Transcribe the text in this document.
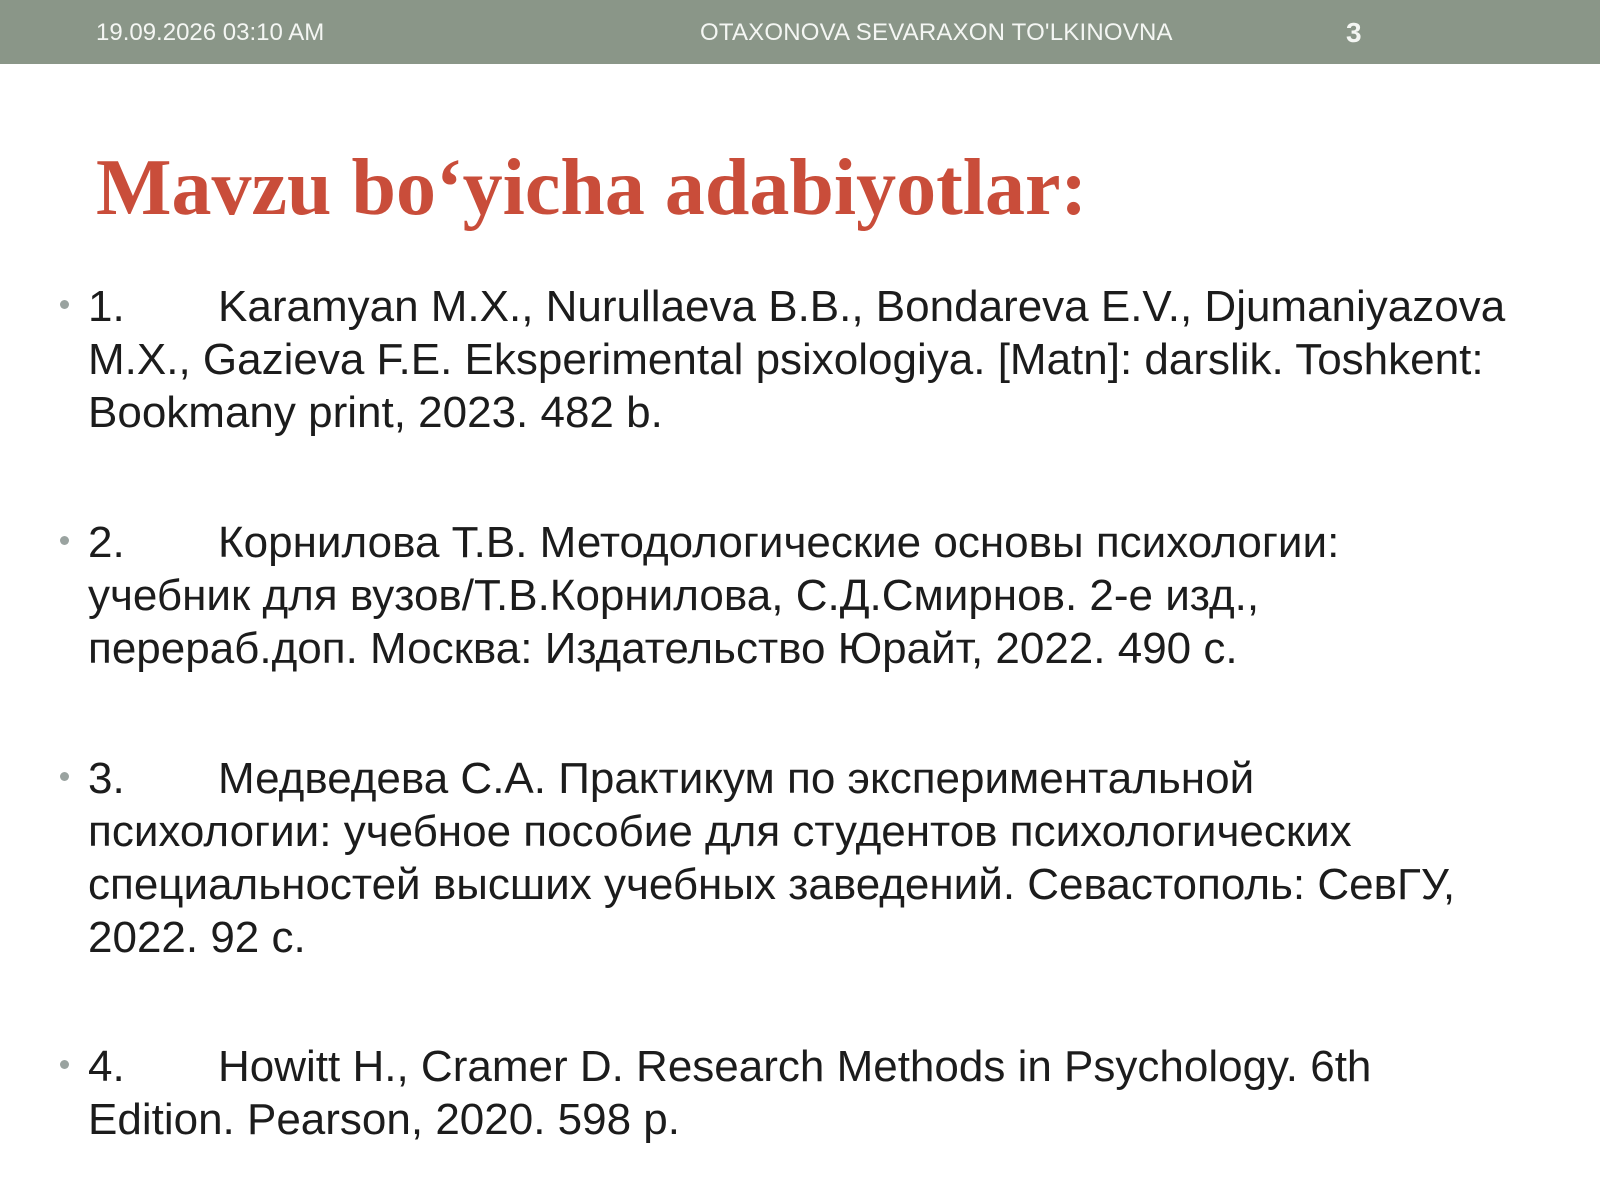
19.09.2026 03:10 AM	OTAXONOVA SEVARAXON TO'LKINOVNA	3
Mavzu bo‘yicha adabiyotlar:
1. Karamyan M.X., Nurullaeva B.B., Bondareva E.V., Djumaniyazova M.X., Gazieva F.E. Eksperimental psixologiya. [Matn]: darslik. Toshkent: Bookmany print, 2023. 482 b.
2. Корнилова Т.В. Методологические основы психологии: учебник для вузов/Т.В.Корнилова, С.Д.Смирнов. 2-е изд., перераб.доп. Москва: Издательство Юрайт, 2022. 490 с.
3. Медведева С.А. Практикум по экспериментальной психологии: учебное пособие для студентов психологических специальностей высших учебных заведений. Севастополь: СевГУ, 2022. 92 с.
4. Howitt H., Cramer D. Research Methods in Psychology. 6th Edition. Pearson, 2020. 598 p.
